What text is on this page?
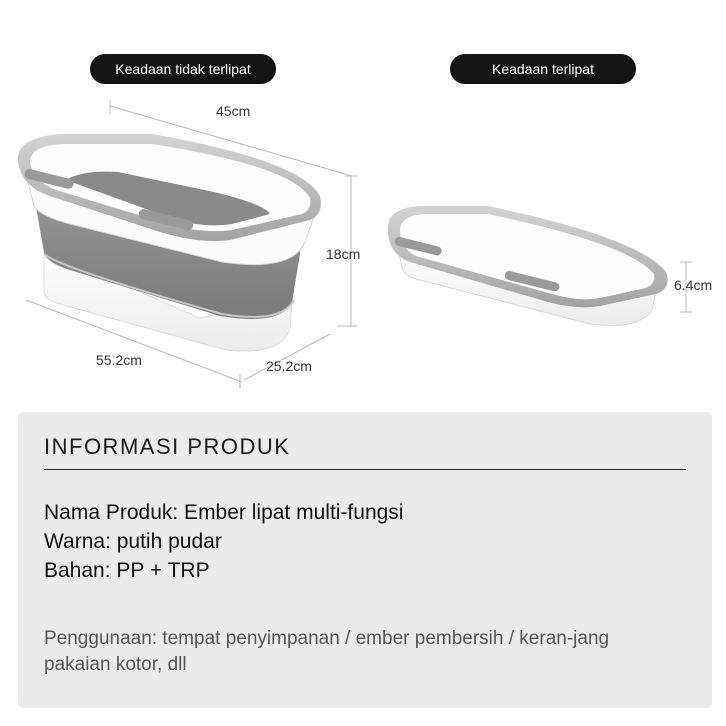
Keadaan tidak terlipat	Keadaan terlipat
45cm
18cm
55.2cm	25.2cm
6.4cm
INFORMASI PRODUK
Nama Produk: Ember lipat multi-fungsi
Warna: putih pudar
Bahan: PP + TRP
Penggunaan: tempat penyimpanan / ember pembersih / keran-jang pakaian kotor, dll
